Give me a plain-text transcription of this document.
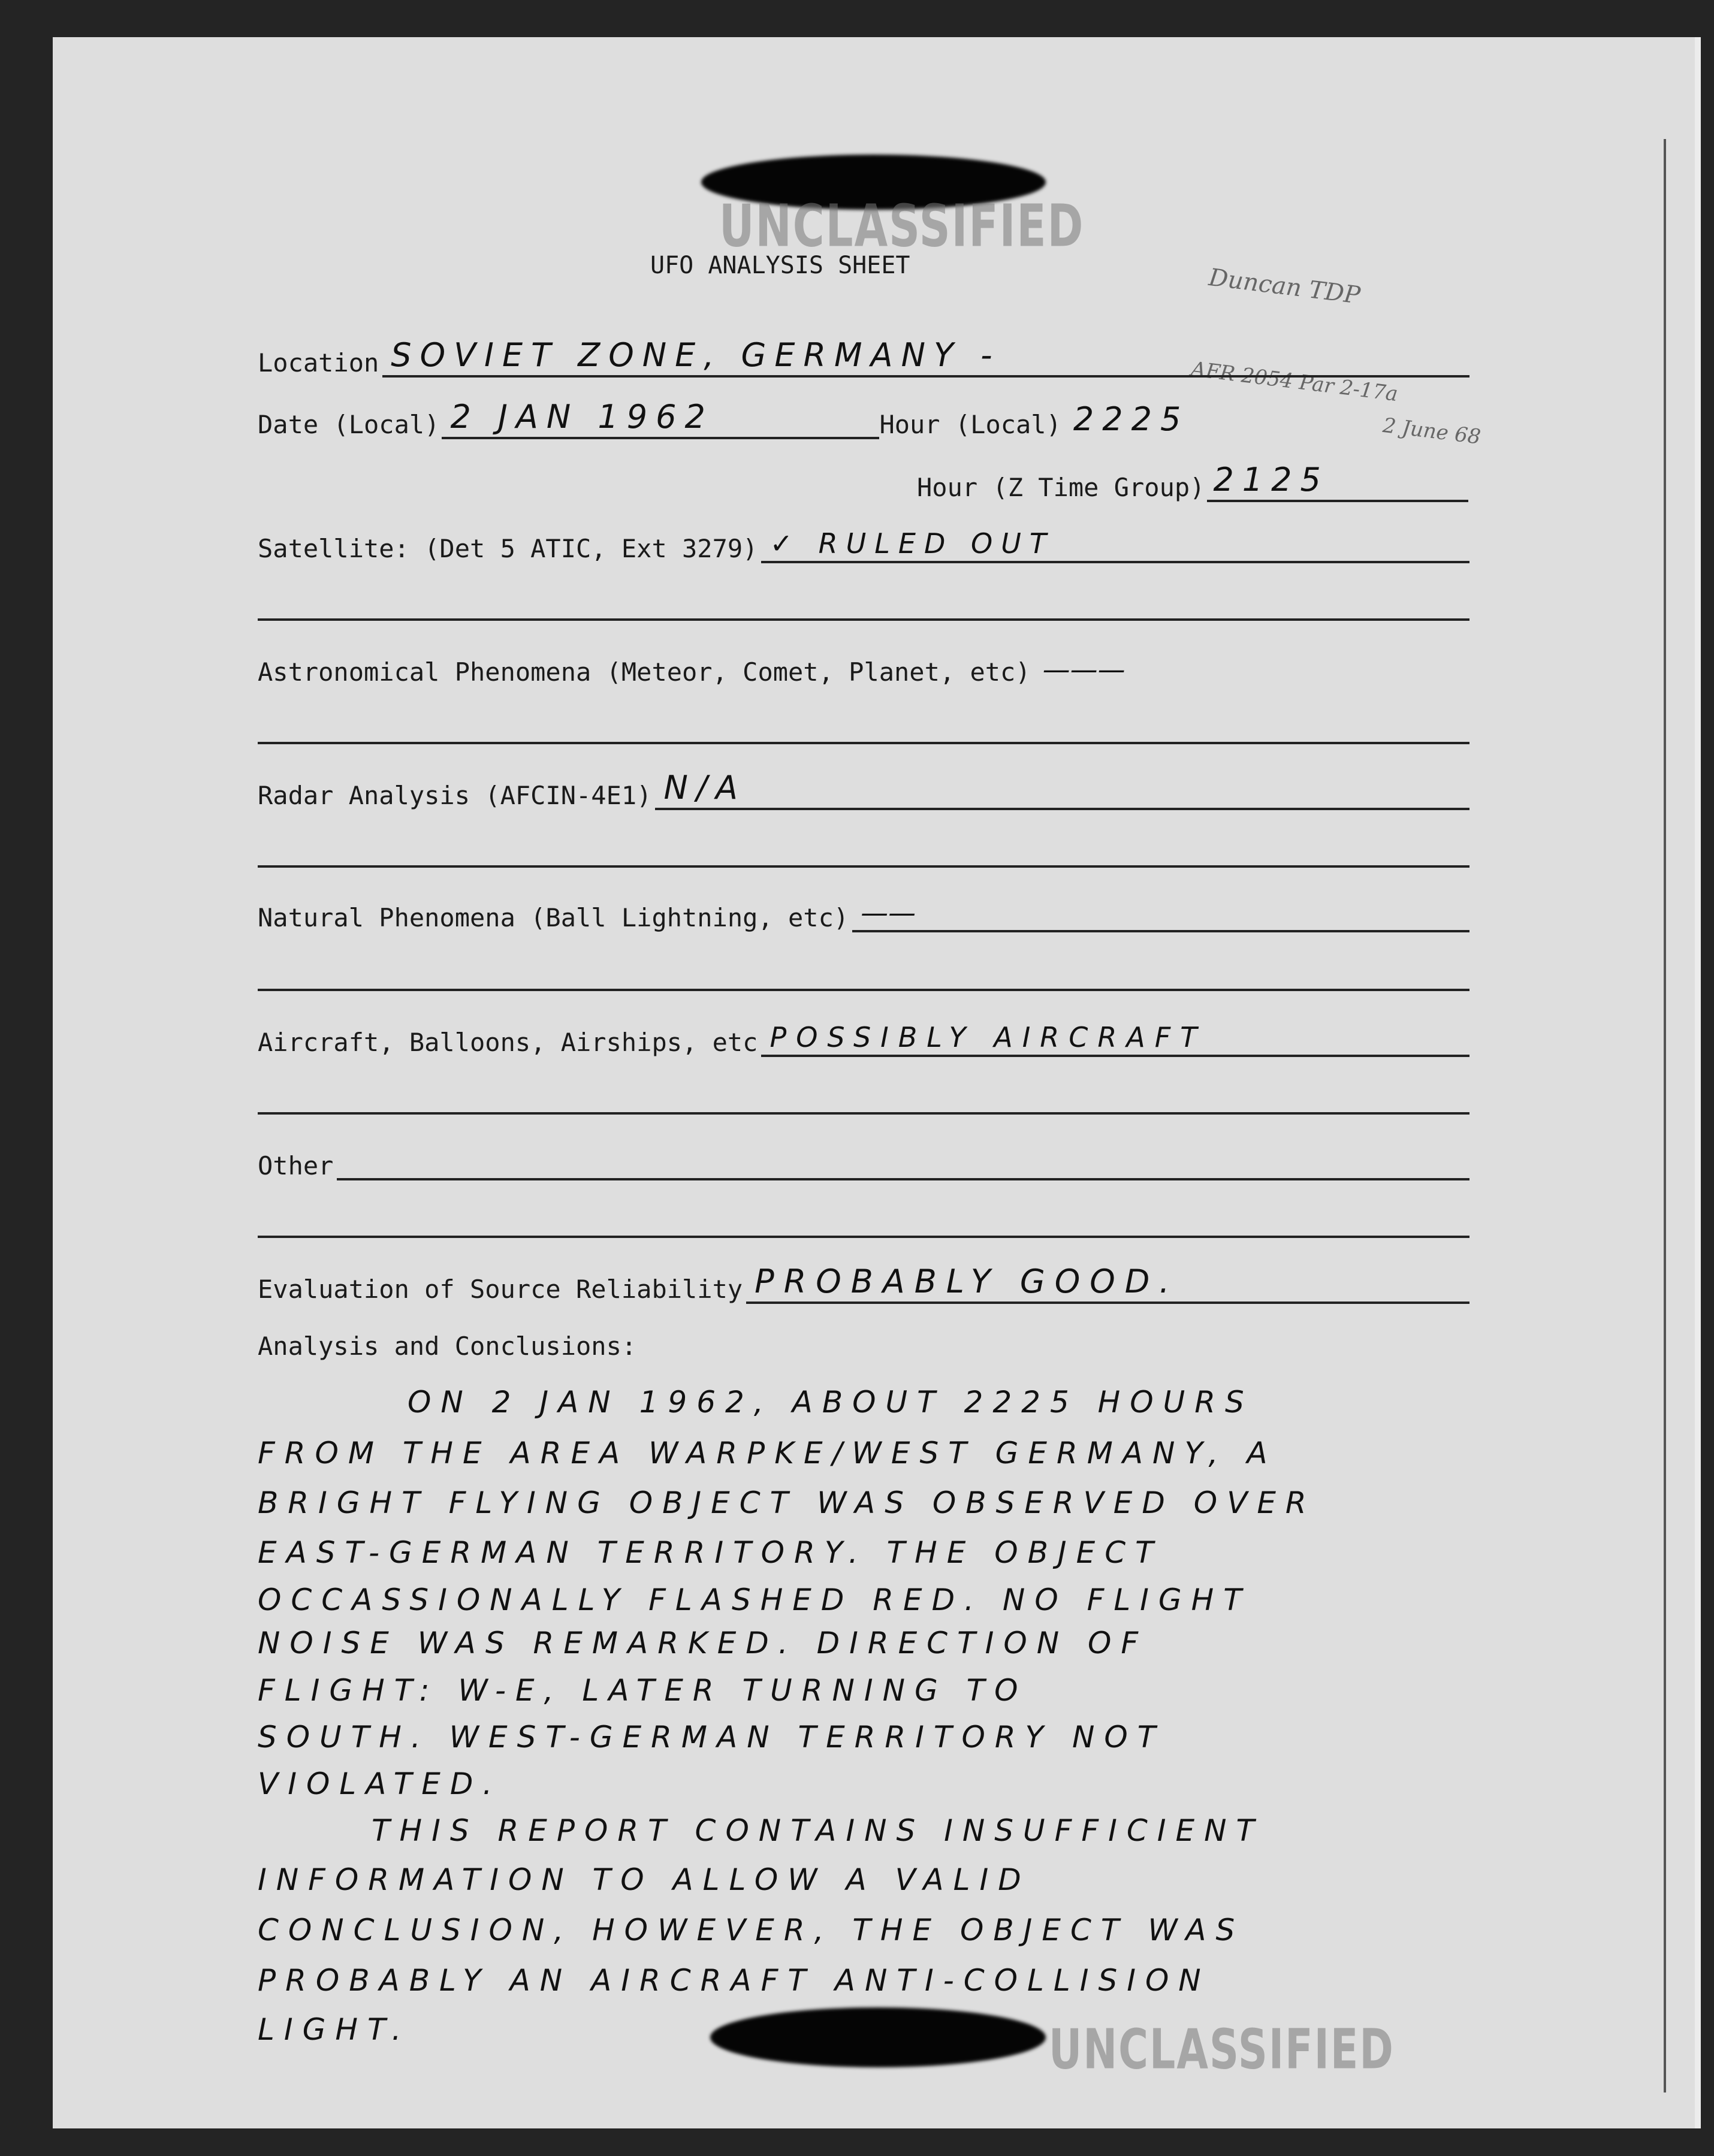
UNCLASSIFIED
UFO ANALYSIS SHEET	Duncan TDP
AFR 2054 Par 2-17a
2 June 68
Location SOVIET ZONE, GERMANY -
Date (Local) 2 JAN 1962	Hour (Local) 2225
Hour (Z Time Group) 2125
Satellite: (Det 5 ATIC, Ext 3279) ✓ RULED OUT
Astronomical Phenomena (Meteor, Comet, Planet, etc) ———
Radar Analysis (AFCIN-4E1) N/A
Natural Phenomena (Ball Lightning, etc) ——
Aircraft, Balloons, Airships, etc POSSIBLY AIRCRAFT
Other
Evaluation of Source Reliability PROBABLY GOOD.
Analysis and Conclusions:
ON 2 JAN 1962, ABOUT 2225 HOURS
FROM THE AREA WARPKE/WEST GERMANY, A
BRIGHT FLYING OBJECT WAS OBSERVED OVER
EAST-GERMAN TERRITORY. THE OBJECT
OCCASSIONALLY FLASHED RED. NO FLIGHT
NOISE WAS REMARKED. DIRECTION OF
FLIGHT: W-E, LATER TURNING TO
SOUTH. WEST-GERMAN TERRITORY NOT
VIOLATED.
THIS REPORT CONTAINS INSUFFICIENT
INFORMATION TO ALLOW A VALID
CONCLUSION, HOWEVER, THE OBJECT WAS
PROBABLY AN AIRCRAFT ANTI-COLLISION
LIGHT.	UNCLASSIFIED
